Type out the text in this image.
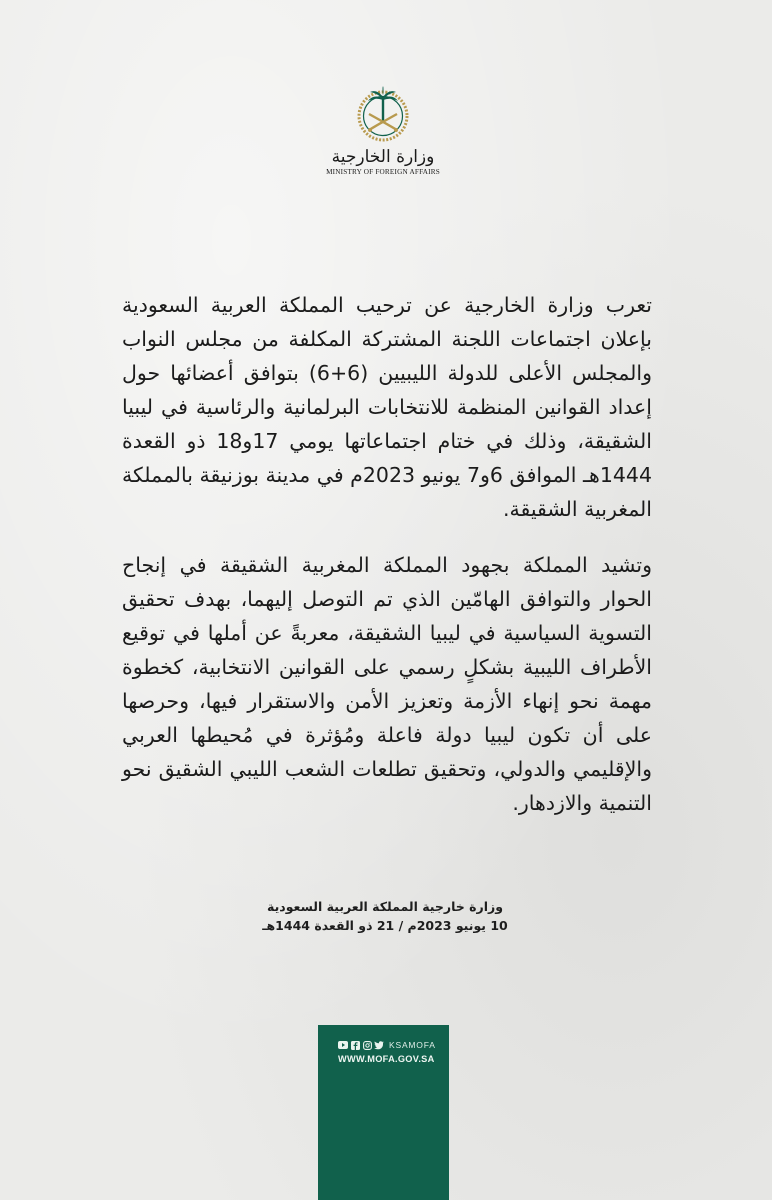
وزارة الخارجية
MINISTRY OF FOREIGN AFFAIRS
تعرب وزارة الخارجية عن ترحيب المملكة العربية السعودية بإعلان اجتماعات اللجنة المشتركة المكلفة من مجلس النواب والمجلس الأعلى للدولة الليبيين (6+6) بتوافق أعضائها حول إعداد القوانين المنظمة للانتخابات البرلمانية والرئاسية في ليبيا الشقيقة، وذلك في ختام اجتماعاتها يومي 17و18 ذو القعدة 1444هـ الموافق 6و7 يونيو 2023م في مدينة بوزنيقة بالمملكة المغربية الشقيقة.
وتشيد المملكة بجهود المملكة المغربية الشقيقة في إنجاح الحوار والتوافق الهامّين الذي تم التوصل إليهما، بهدف تحقيق التسوية السياسية في ليبيا الشقيقة، معربةً عن أملها في توقيع الأطراف الليبية بشكلٍ رسمي على القوانين الانتخابية، كخطوة مهمة نحو إنهاء الأزمة وتعزيز الأمن والاستقرار فيها، وحرصها على أن تكون ليبيا دولة فاعلة ومُؤثرة في مُحيطها العربي والإقليمي والدولي، وتحقيق تطلعات الشعب الليبي الشقيق نحو التنمية والازدهار.
وزارة خارجية المملكة العربية السعودية
10 يونيو 2023م / 21 ذو القعدة 1444هـ
KSAMOFA
WWW.MOFA.GOV.SA
